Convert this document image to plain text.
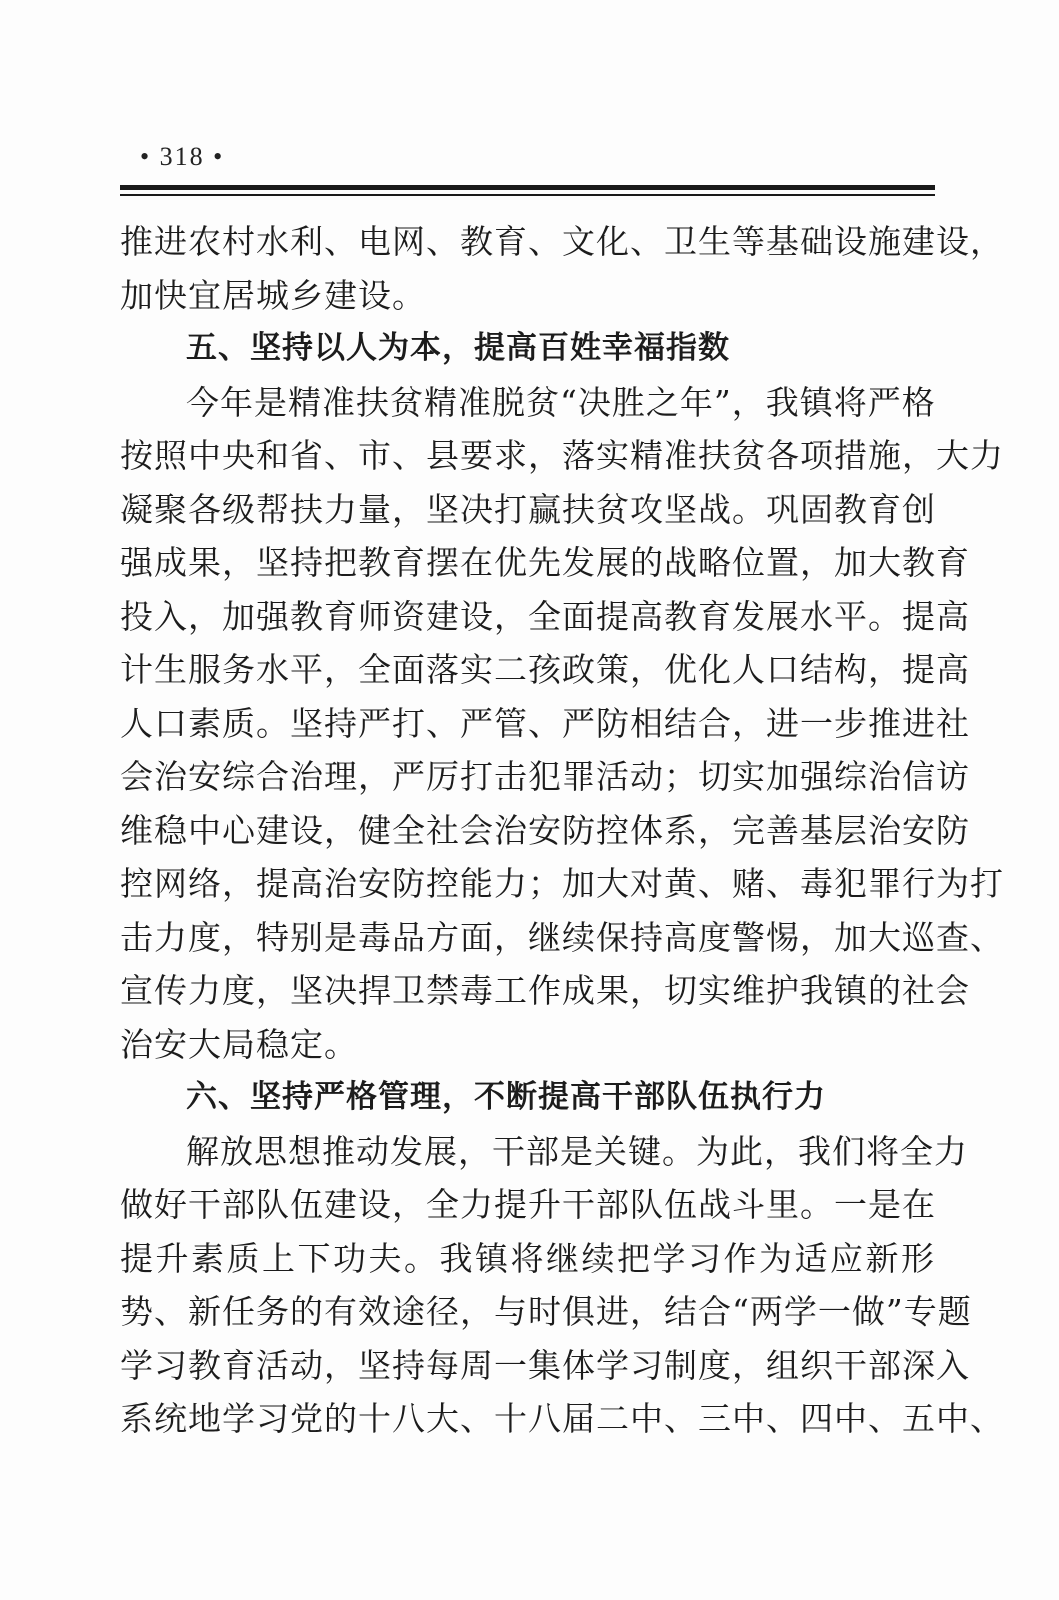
• 318 •
推进农村水利、电网、教育、文化、卫生等基础设施建设，
加快宜居城乡建设。
五、坚持以人为本，提高百姓幸福指数
今年是精准扶贫精准脱贫“决胜之年”，我镇将严格
按照中央和省、市、县要求，落实精准扶贫各项措施，大力
凝聚各级帮扶力量，坚决打赢扶贫攻坚战。巩固教育创
强成果，坚持把教育摆在优先发展的战略位置，加大教育
投入，加强教育师资建设，全面提高教育发展水平。提高
计生服务水平，全面落实二孩政策，优化人口结构，提高
人口素质。坚持严打、严管、严防相结合，进一步推进社
会治安综合治理，严厉打击犯罪活动；切实加强综治信访
维稳中心建设，健全社会治安防控体系，完善基层治安防
控网络，提高治安防控能力；加大对黄、赌、毒犯罪行为打
击力度，特别是毒品方面，继续保持高度警惕，加大巡查、
宣传力度，坚决捍卫禁毒工作成果，切实维护我镇的社会
治安大局稳定。
六、坚持严格管理，不断提高干部队伍执行力
解放思想推动发展，干部是关键。为此，我们将全力
做好干部队伍建设，全力提升干部队伍战斗里。一是在
提升素质上下功夫。我镇将继续把学习作为适应新形
势、新任务的有效途径，与时俱进，结合“两学一做”专题
学习教育活动，坚持每周一集体学习制度，组织干部深入
系统地学习党的十八大、十八届二中、三中、四中、五中、
